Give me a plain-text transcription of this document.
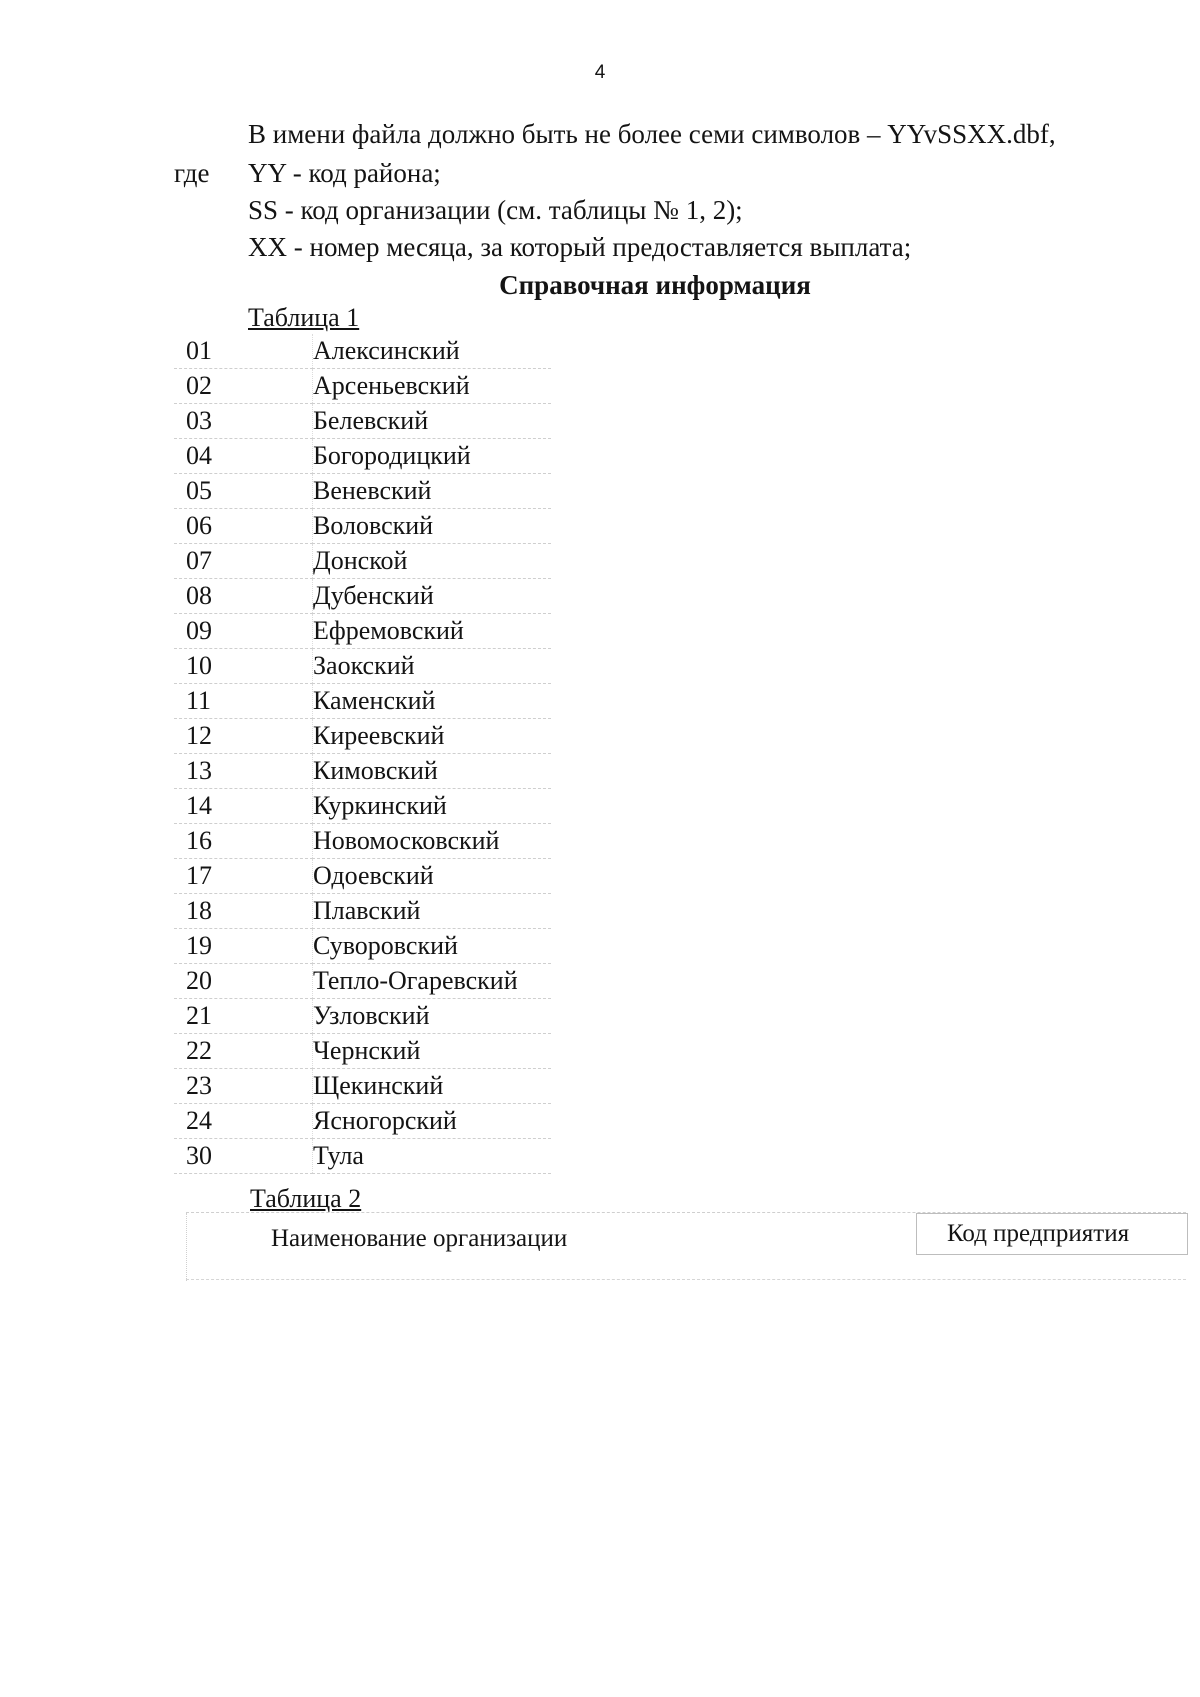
4
В имени файла должно быть не более семи символов – YYvSSXX.dbf,
где YY - код района;
SS - код организации (см. таблицы № 1, 2);
XX - номер месяца, за который предоставляется выплата;
Справочная информация
Таблица 1
01	Алексинский
02	Арсеньевский
03	Белевский
04	Богородицкий
05	Веневский
06	Воловский
07	Донской
08	Дубенский
09	Ефремовский
10	Заокский
11	Каменский
12	Киреевский
13	Кимовский
14	Куркинский
16	Новомосковский
17	Одоевский
18	Плавский
19	Суворовский
20	Тепло-Огаревский
21	Узловский
22	Чернский
23	Щекинский
24	Ясногорский
30	Тула
Таблица 2
Наименование организации	Код предприятия
